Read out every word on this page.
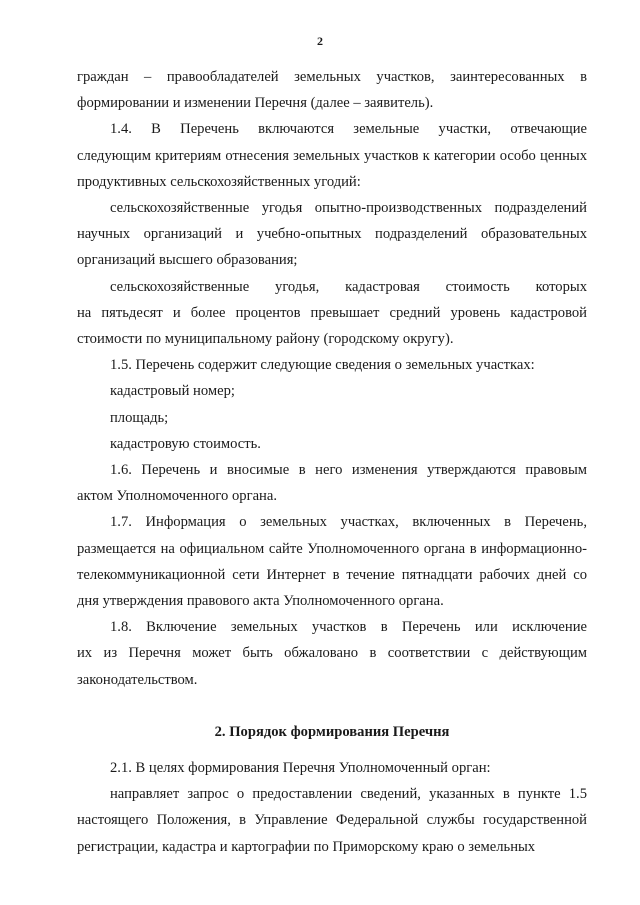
2

граждан – правообладателей земельных участков, заинтересованных в
формировании и изменении Перечня (далее – заявитель).

1.4. В Перечень включаются земельные участки, отвечающие
следующим критериям отнесения земельных участков к категории особо ценных
продуктивных сельскохозяйственных угодий:

сельскохозяйственные угодья опытно-производственных подразделений
научных организаций и учебно-опытных подразделений образовательных
организаций высшего образования;

сельскохозяйственные угодья, кадастровая стоимость которых
на пятьдесят и более процентов превышает средний уровень кадастровой
стоимости по муниципальному району (городскому округу).

1.5. Перечень содержит следующие сведения о земельных участках:

кадастровый номер;

площадь;

кадастровую стоимость.

1.6. Перечень и вносимые в него изменения утверждаются правовым
актом Уполномоченного органа.

1.7. Информация о земельных участках, включенных в Перечень,
размещается на официальном сайте Уполномоченного органа в информационно-
телекоммуникационной сети Интернет в течение пятнадцати рабочих дней со
дня утверждения правового акта Уполномоченного органа.

1.8. Включение земельных участков в Перечень или исключение
их из Перечня может быть обжаловано в соответствии с действующим
законодательством.

2. Порядок формирования Перечня

2.1. В целях формирования Перечня Уполномоченный орган:

направляет запрос о предоставлении сведений, указанных в пункте 1.5
настоящего Положения, в Управление Федеральной службы государственной
регистрации, кадастра и картографии по Приморскому краю о земельных
